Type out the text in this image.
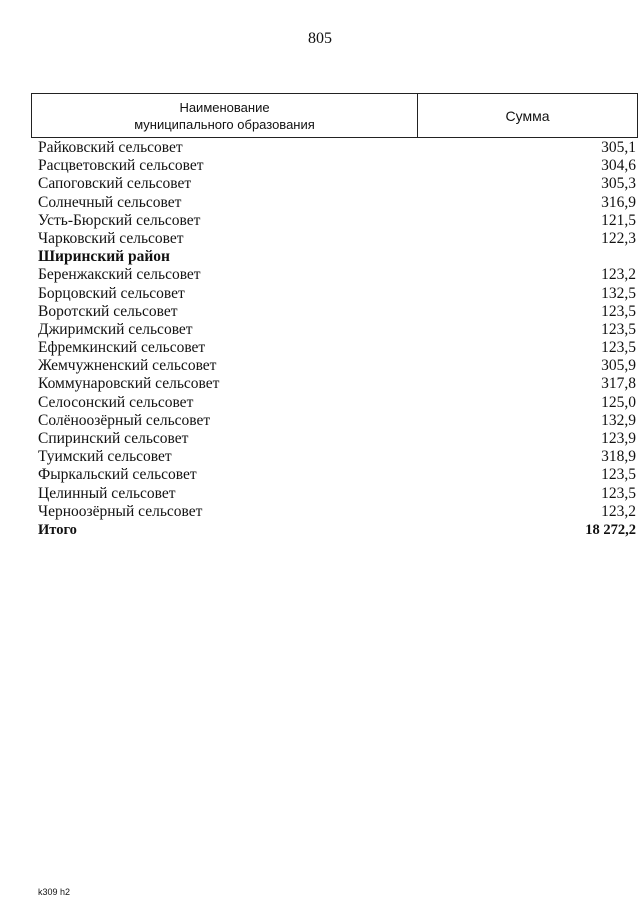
805
Наименование
муниципального образования
Сумма
Райковский сельсовет	305,1
Расцветовский сельсовет	304,6
Сапоговский сельсовет	305,3
Солнечный сельсовет	316,9
Усть-Бюрский сельсовет	121,5
Чарковский сельсовет	122,3
Ширинский район
Беренжакский сельсовет	123,2
Борцовский сельсовет	132,5
Воротский сельсовет	123,5
Джиримский сельсовет	123,5
Ефремкинский сельсовет	123,5
Жемчужненский сельсовет	305,9
Коммунаровский сельсовет	317,8
Селосонский сельсовет	125,0
Солёноозёрный сельсовет	132,9
Спиринский сельсовет	123,9
Туимский сельсовет	318,9
Фыркальский сельсовет	123,5
Целинный сельсовет	123,5
Черноозёрный сельсовет	123,2
Итого	18 272,2
k309 h2
